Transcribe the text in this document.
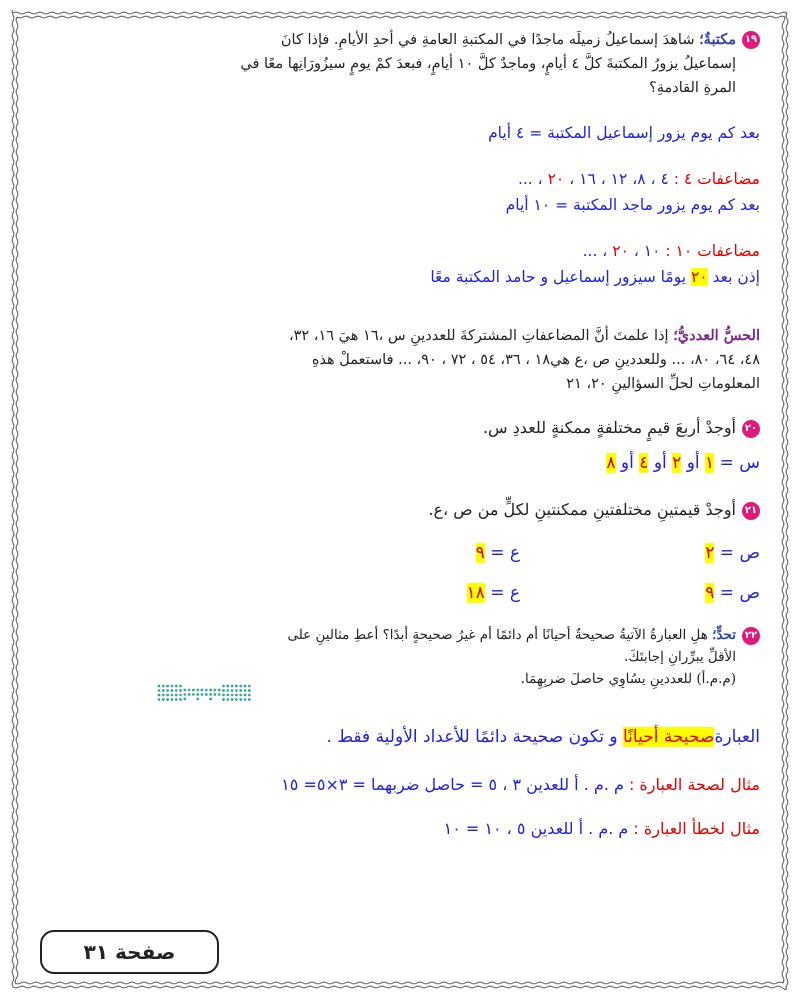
١٩مكتبةٌ؛ شاهدَ إسماعيلُ زميلَه ماجدًا في المكتبةِ العامةِ في أحدِ الأيامِ. فإذا كانَ
إسماعيلُ يزورُ المكتبةَ كلَّ ٤ أيامٍ، وماجدٌ كلَّ ١٠ أيامٍ، فبعدَ كمْ يومٍ سيزُورَانِها معًا في
المرةِ القادمةِ؟
بعد كم يوم يزور إسماعيل المكتبة = ٤ أيام
مضاعفات ٤ : ٤ ، ٨، ١٢ ، ١٦ ، ٢٠ ، ...
بعد كم يوم يزور ماجد المكتبة = ١٠ أيام
مضاعفات ١٠ : ١٠ ، ٢٠ ، ...
إذن بعد ٢٠ يومًا سيزور إسماعيل و حامد المكتبة معًا
الحسُّ العدديُّ؛ إذا علمتَ أنَّ المضاعفاتِ المشتركةَ للعددينِ س ،١٦ هيَ ١٦، ٣٢،
٤٨، ٦٤، ٨٠، ... وللعددينِ ص ،ع هي١٨ ، ٣٦، ٥٤ ، ٧٢ ، ٩٠، ... فاستعملْ هذهِ
المعلوماتِ لحلِّ السؤالينِ ٢٠، ٢١
٢٠أوجدْ أربعَ قيمٍ مختلفةٍ ممكنةٍ للعددِ س.
س = ١ أو ٢ أو ٤ أو ٨
٢١أوجدْ قيمتينِ مختلفتينِ ممكنتينِ لكلٍّ من ص ،ع.
ص = ٢
ع = ٩
ص = ٩
ع = ١٨
٢٢تحدٍّ؛ هلِ العبارةُ الآتيةُ صحيحةٌ أحيانًا أم دائمًا أم غيرُ صحيحةٍ أبدًا؟ أعطِ مثالينِ على
الأقلِّ يبرِّرانِ إجابتَكَ.
(م.م.أ) للعددينِ يسُاوِي حاصلَ ضربِهِمَا.
العبارةصحيحة أحيانًا و تكون صحيحة دائمًا للأعداد الأولية فقط .
مثال لصحة العبارة : م .م . أ للعدين ٣ ، ٥ = حاصل ضربهما = ٣×٥= ١٥
مثال لخطأ العبارة : م .م . أ للعدين ٥ ، ١٠ = ١٠
صفحة ٣١
